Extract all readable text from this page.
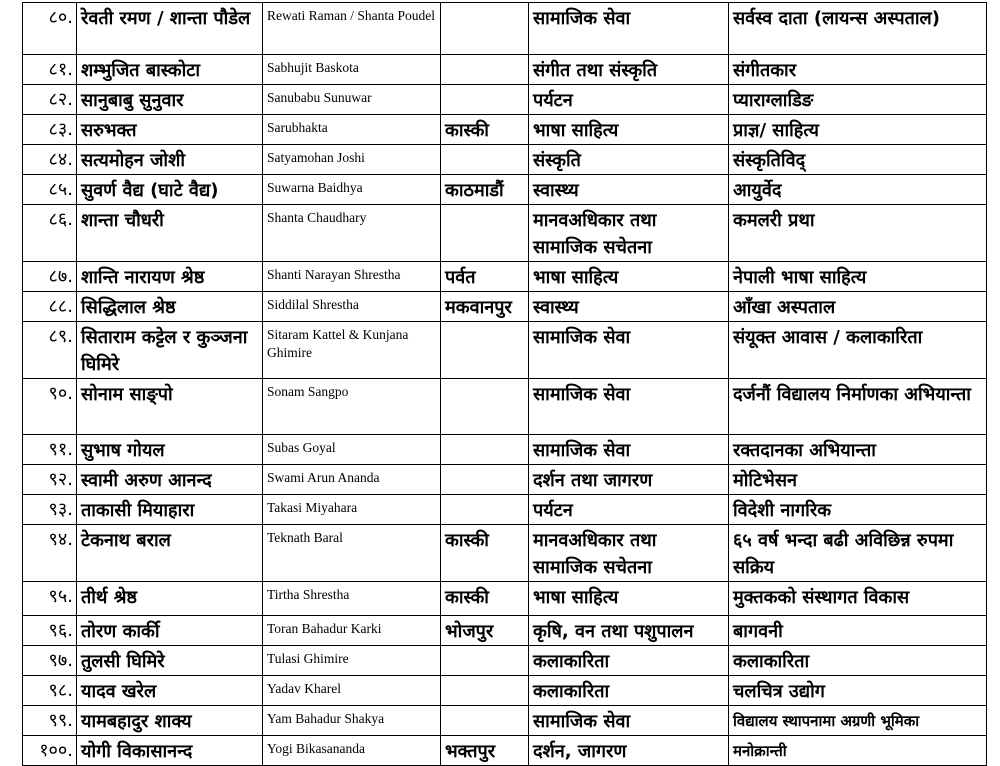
८०.	रेवती रमण / शान्ता पौडेल	Rewati Raman / Shanta Poudel		सामाजिक सेवा	सर्वस्व दाता (लायन्स अस्पताल)
८१.	शम्भुजित बास्कोटा	Sabhujit Baskota		संगीत तथा संस्कृति	संगीतकार
८२.	सानुबाबु सुनुवार	Sanubabu Sunuwar		पर्यटन	प्याराग्लाडिङ
८३.	सरुभक्त	Sarubhakta	कास्की	भाषा साहित्य	प्राज्ञ/ साहित्य
८४.	सत्यमोहन जोशी	Satyamohan Joshi		संस्कृति	संस्कृतिविद्
८५.	सुवर्ण वैद्य (घाटे वैद्य)	Suwarna Baidhya	काठमाडौं	स्वास्थ्य	आयुर्वेद
८६.	शान्ता चौधरी	Shanta Chaudhary		मानवअधिकार तथा सामाजिक सचेतना	कमलरी प्रथा
८७.	शान्ति नारायण श्रेष्ठ	Shanti Narayan Shrestha	पर्वत	भाषा साहित्य	नेपाली भाषा साहित्य
८८.	सिद्धिलाल श्रेष्ठ	Siddilal Shrestha	मकवानपुर	स्वास्थ्य	आँखा अस्पताल
८९.	सिताराम कट्टेल र कुञ्जना घिमिरे	Sitaram Kattel & Kunjana Ghimire		सामाजिक सेवा	संयूक्त आवास / कलाकारिता
९०.	सोनाम साङ्पो	Sonam Sangpo		सामाजिक सेवा	दर्जनौं विद्यालय निर्माणका अभियान्ता
९१.	सुभाष गोयल	Subas Goyal		सामाजिक सेवा	रक्तदानका अभियान्ता
९२.	स्वामी अरुण आनन्द	Swami Arun Ananda		दर्शन तथा जागरण	मोटिभेसन
९३.	ताकासी मियाहारा	Takasi Miyahara		पर्यटन	विदेशी नागरिक
९४.	टेकनाथ बराल	Teknath Baral	कास्की	मानवअधिकार तथा सामाजिक सचेतना	६५ वर्ष भन्दा बढी अविछिन्न रुपमा सक्रिय
९५.	तीर्थ श्रेष्ठ	Tirtha Shrestha	कास्की	भाषा साहित्य	मुक्तकको संस्थागत विकास
९६.	तोरण कार्की	Toran Bahadur Karki	भोजपुर	कृषि, वन तथा पशुपालन	बागवनी
९७.	तुलसी घिमिरे	Tulasi Ghimire		कलाकारिता	कलाकारिता
९८.	यादव खरेल	Yadav Kharel		कलाकारिता	चलचित्र उद्योग
९९.	यामबहादुर शाक्य	Yam Bahadur Shakya		सामाजिक सेवा	विद्यालय स्थापनामा अग्रणी भूमिका
१००.	योगी विकासानन्द	Yogi Bikasananda	भक्तपुर	दर्शन, जागरण	मनोक्रान्ती
